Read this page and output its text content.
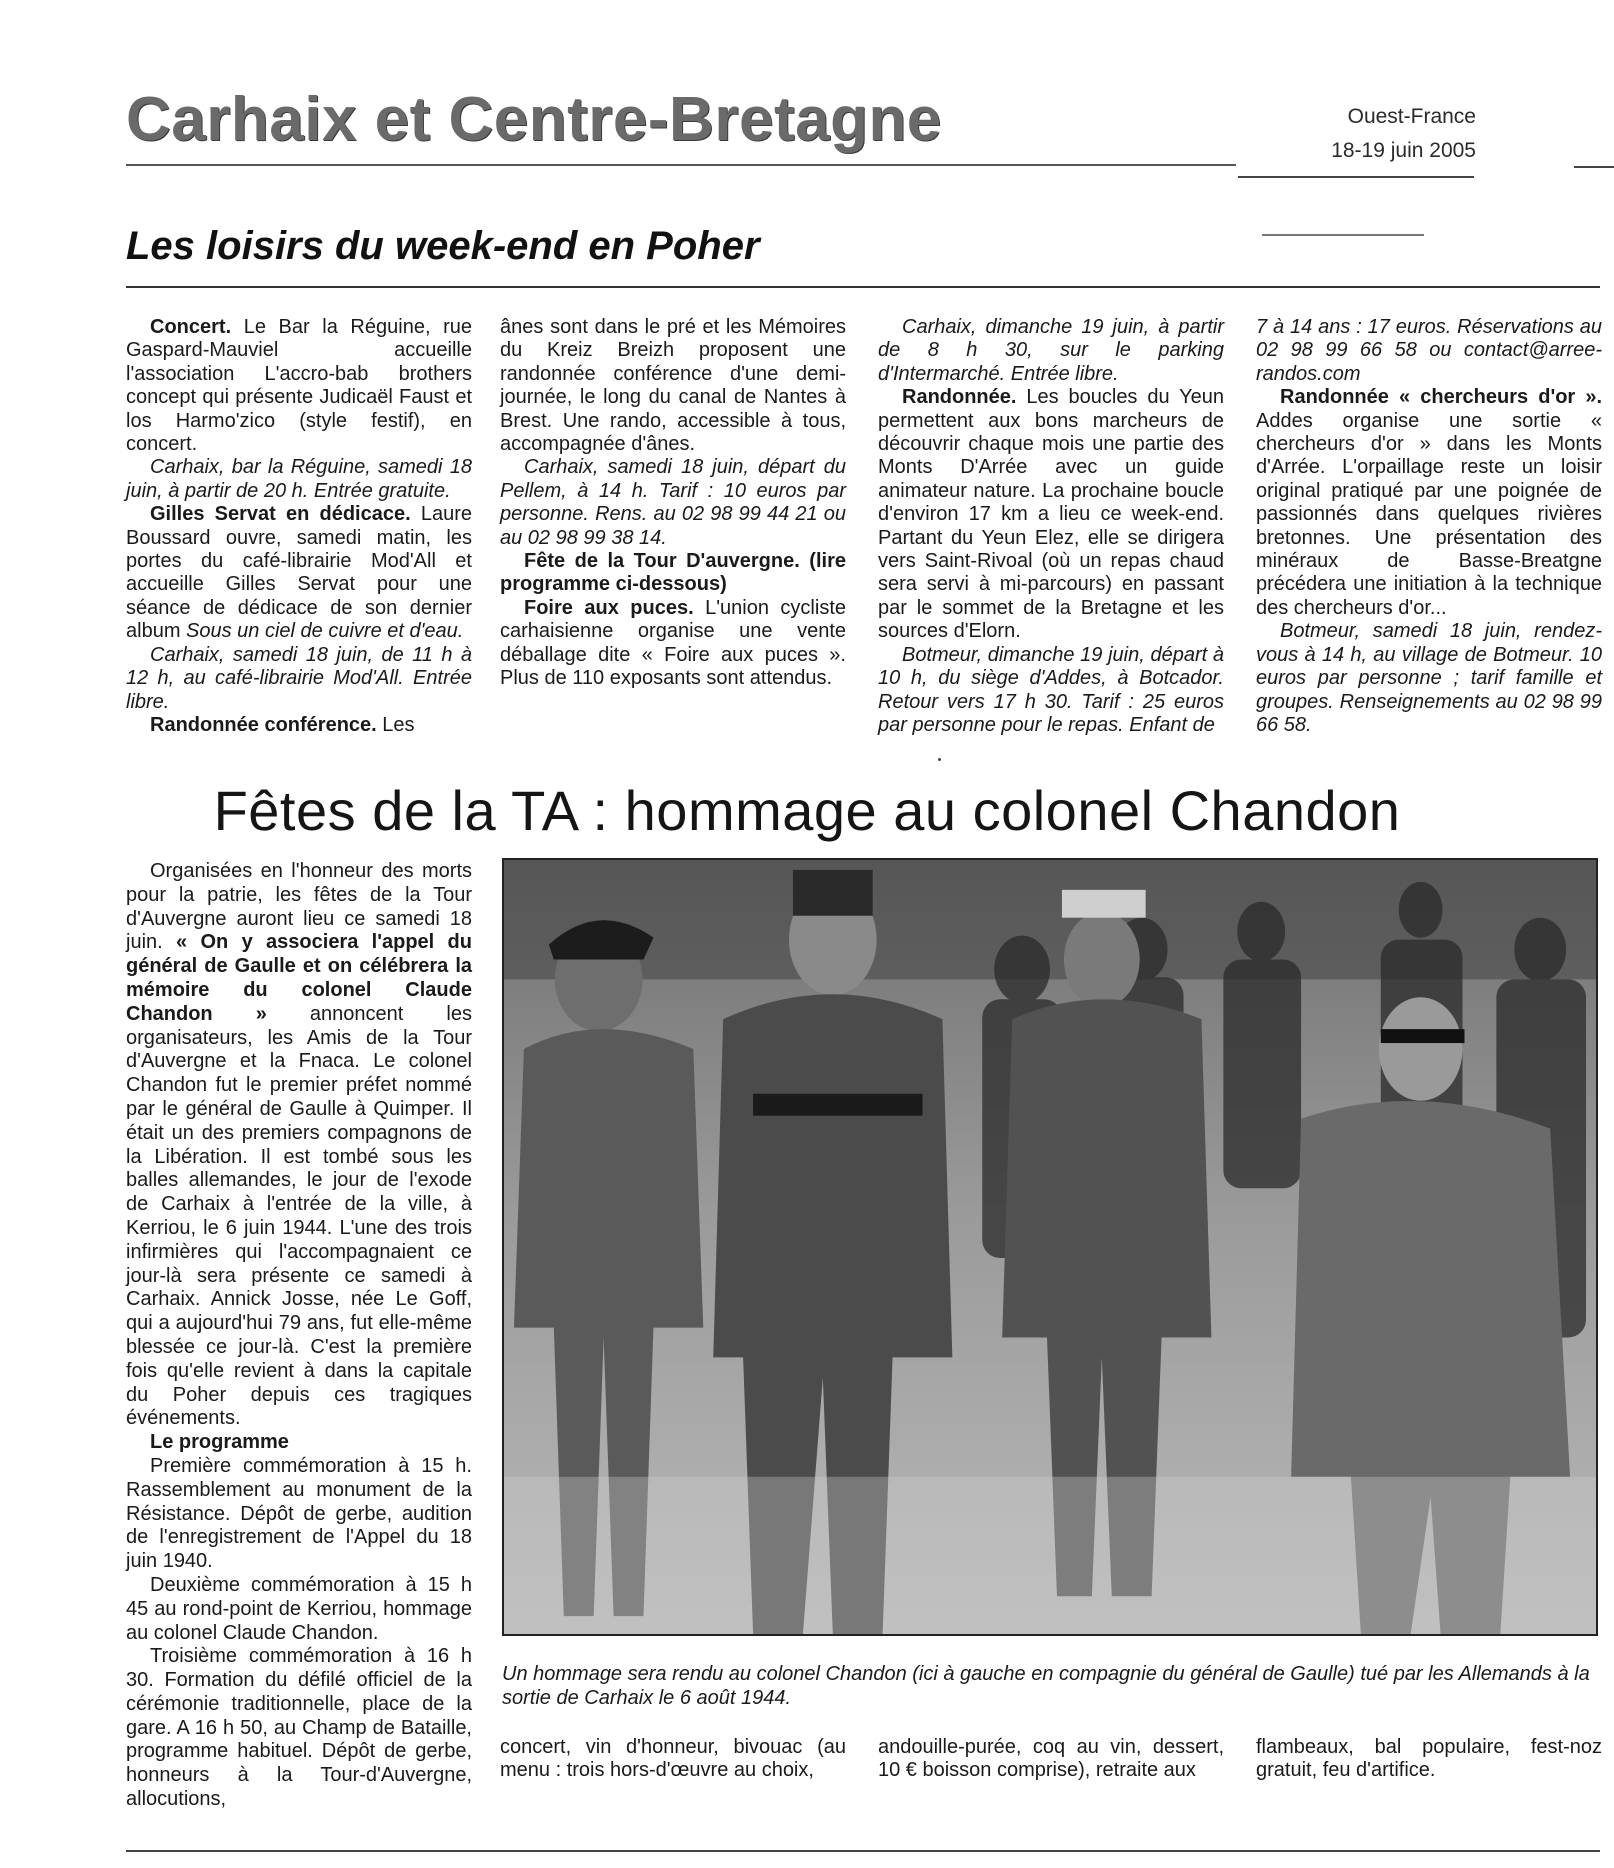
Carhaix et Centre-Bretagne	Ouest-France
18-19 juin 2005
Les loisirs du week-end en Poher

Concert. Le Bar la Réguine, rue Gaspard-Mauviel accueille l'association L'accro-bab brothers concept qui présente Judicaël Faust et los Harmo'zico (style festif), en concert.

Carhaix, bar la Réguine, samedi 18 juin, à partir de 20 h. Entrée gratuite.

Gilles Servat en dédicace. Laure Boussard ouvre, samedi matin, les portes du café-librairie Mod'All et accueille Gilles Servat pour une séance de dédicace de son dernier album Sous un ciel de cuivre et d'eau.

Carhaix, samedi 18 juin, de 11 h à 12 h, au café-librairie Mod'All. Entrée libre.

Randonnée conférence. Les

ânes sont dans le pré et les Mémoires du Kreiz Breizh proposent une randonnée conférence d'une demi-journée, le long du canal de Nantes à Brest. Une rando, accessible à tous, accompagnée d'ânes.

Carhaix, samedi 18 juin, départ du Pellem, à 14 h. Tarif : 10 euros par personne. Rens. au 02 98 99 44 21 ou au 02 98 99 38 14.

Fête de la Tour D'auvergne. (lire programme ci-dessous)

Foire aux puces. L'union cycliste carhaisienne organise une vente déballage dite « Foire aux puces ». Plus de 110 exposants sont attendus.

Carhaix, dimanche 19 juin, à partir de 8 h 30, sur le parking d'Intermarché. Entrée libre.

Randonnée. Les boucles du Yeun permettent aux bons marcheurs de découvrir chaque mois une partie des Monts D'Arrée avec un guide animateur nature. La prochaine boucle d'environ 17 km a lieu ce week-end. Partant du Yeun Elez, elle se dirigera vers Saint-Rivoal (où un repas chaud sera servi à mi-parcours) en passant par le sommet de la Bretagne et les sources d'Elorn.

Botmeur, dimanche 19 juin, départ à 10 h, du siège d'Addes, à Botcador. Retour vers 17 h 30. Tarif : 25 euros par personne pour le repas. Enfant de

7 à 14 ans : 17 euros. Réservations au 02 98 99 66 58 ou contact@arree-randos.com

Randonnée « chercheurs d'or ». Addes organise une sortie « chercheurs d'or » dans les Monts d'Arrée. L'orpaillage reste un loisir original pratiqué par une poignée de passionnés dans quelques rivières bretonnes. Une présentation des minéraux de Basse-Breatgne précédera une initiation à la technique des chercheurs d'or...

Botmeur, samedi 18 juin, rendez-vous à 14 h, au village de Botmeur. 10 euros par personne ; tarif famille et groupes. Renseignements au 02 98 99 66 58.

Fêtes de la TA : hommage au colonel Chandon

Organisées en l'honneur des morts pour la patrie, les fêtes de la Tour d'Auvergne auront lieu ce samedi 18 juin. « On y associera l'appel du général de Gaulle et on célébrera la mémoire du colonel Claude Chandon » annoncent les organisateurs, les Amis de la Tour d'Auvergne et la Fnaca. Le colonel Chandon fut le premier préfet nommé par le général de Gaulle à Quimper. Il était un des premiers compagnons de la Libération. Il est tombé sous les balles allemandes, le jour de l'exode de Carhaix à l'entrée de la ville, à Kerriou, le 6 juin 1944. L'une des trois infirmières qui l'accompagnaient ce jour-là sera présente ce samedi à Carhaix. Annick Josse, née Le Goff, qui a aujourd'hui 79 ans, fut elle-même blessée ce jour-là. C'est la première fois qu'elle revient à dans la capitale du Poher depuis ces tragiques événements.

Le programme

Première commémoration à 15 h. Rassemblement au monument de la Résistance. Dépôt de gerbe, audition de l'enregistrement de l'Appel du 18 juin 1940.

Deuxième commémoration à 15 h 45 au rond-point de Kerriou, hommage au colonel Claude Chandon.

Troisième commémoration à 16 h 30. Formation du défilé officiel de la cérémonie traditionnelle, place de la gare. A 16 h 50, au Champ de Bataille, programme habituel. Dépôt de gerbe, honneurs à la Tour-d'Auvergne, allocutions,

Un hommage sera rendu au colonel Chandon (ici à gauche en compagnie du général de Gaulle) tué par les Allemands à la sortie de Carhaix le 6 août 1944.

concert, vin d'honneur, bivouac (au menu : trois hors-d'œuvre au choix,

andouille-purée, coq au vin, dessert, 10 € boisson comprise), retraite aux

flambeaux, bal populaire, fest-noz gratuit, feu d'artifice.
